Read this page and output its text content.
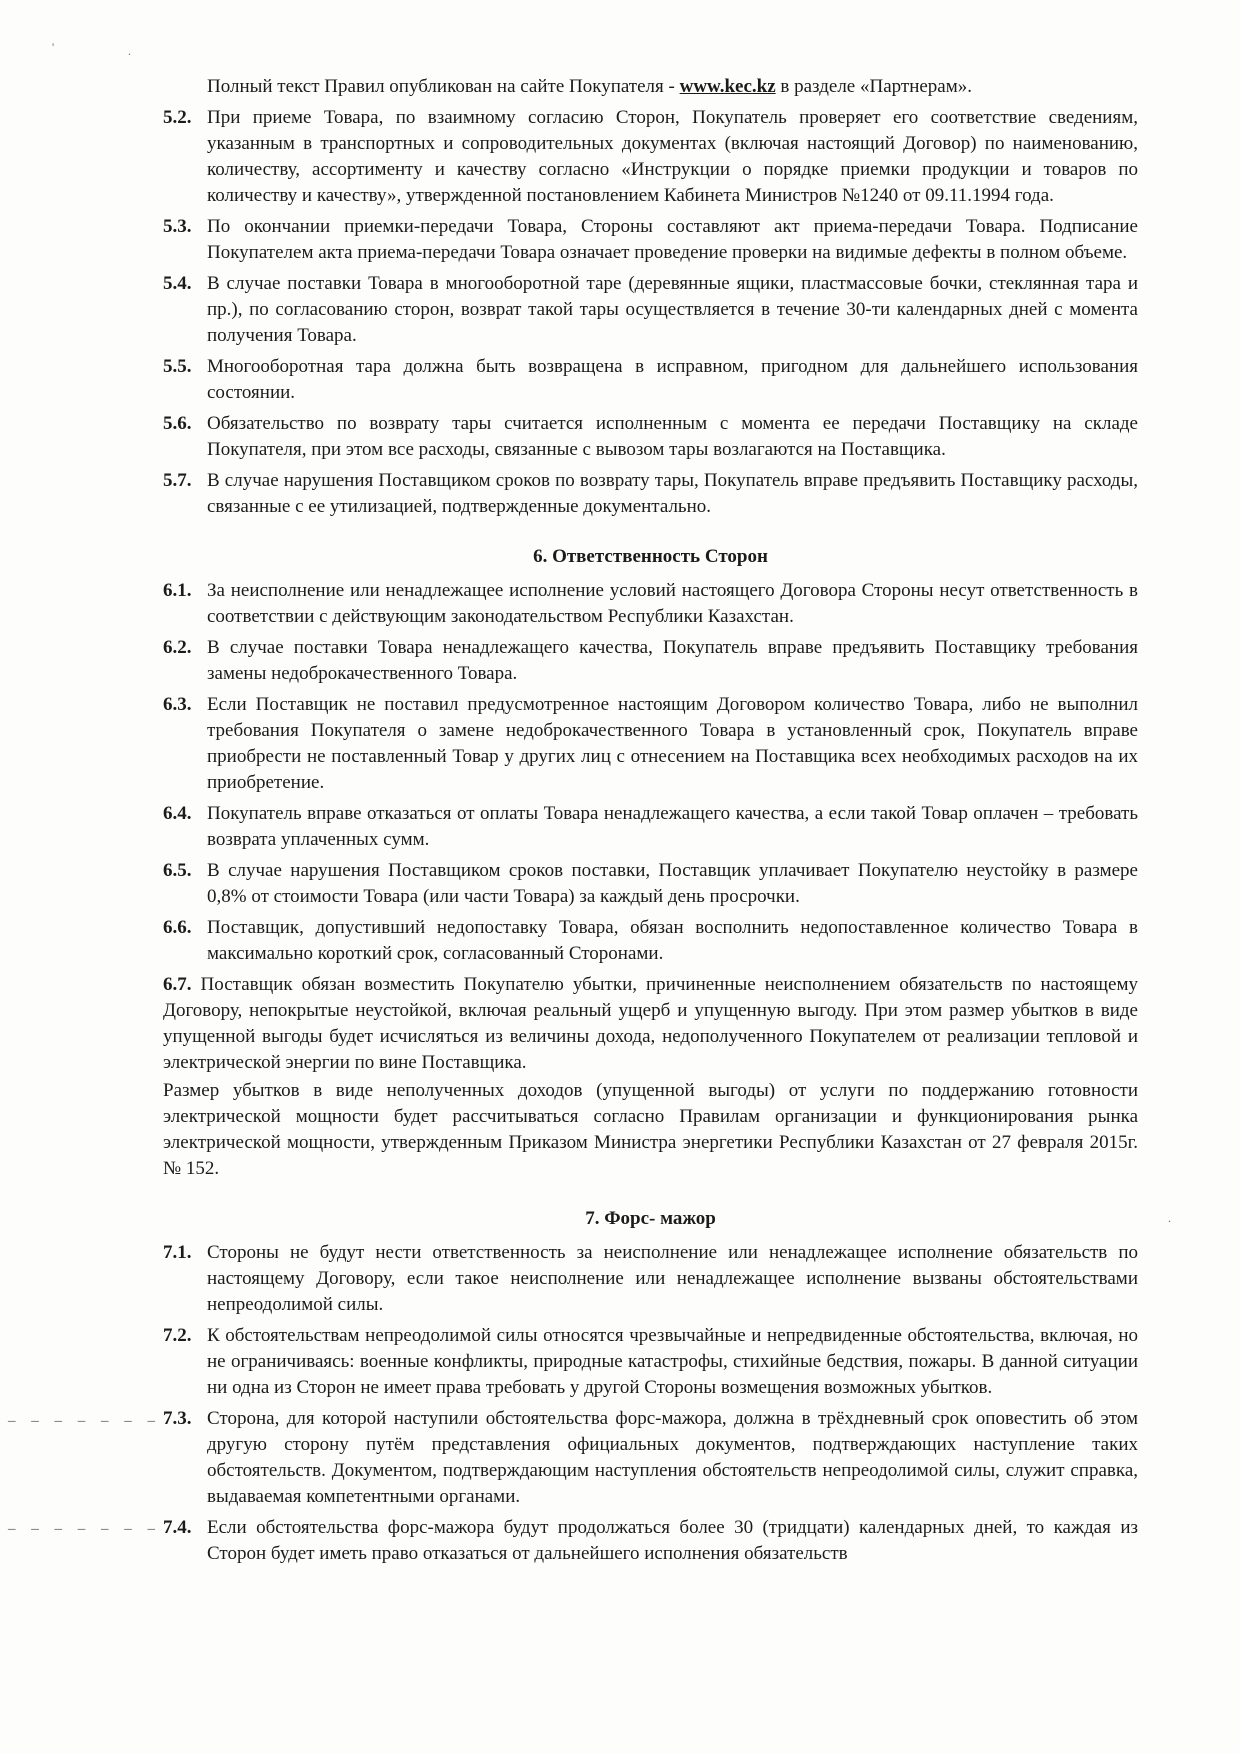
'	.

Полный текст Правил опубликован на сайте Покупателя - www.kec.kz в разделе «Партнерам».

5.2. При приеме Товара, по взаимному согласию Сторон, Покупатель проверяет его соответствие сведениям, указанным в транспортных и сопроводительных документах (включая настоящий Договор) по наименованию, количеству, ассортименту и качеству согласно «Инструкции о порядке приемки продукции и товаров по количеству и качеству», утвержденной постановлением Кабинета Министров №1240 от 09.11.1994 года.
5.3. По окончании приемки-передачи Товара, Стороны составляют акт приема-передачи Товара. Подписание Покупателем акта приема-передачи Товара означает проведение проверки на видимые дефекты в полном объеме.
5.4. В случае поставки Товара в многооборотной таре (деревянные ящики, пластмассовые бочки, стеклянная тара и пр.), по согласованию сторон, возврат такой тары осуществляется в течение 30-ти календарных дней с момента получения Товара.
5.5. Многооборотная тара должна быть возвращена в исправном, пригодном для дальнейшего использования состоянии.
5.6. Обязательство по возврату тары считается исполненным с момента ее передачи Поставщику на складе Покупателя, при этом все расходы, связанные с вывозом тары возлагаются на Поставщика.
5.7. В случае нарушения Поставщиком сроков по возврату тары, Покупатель вправе предъявить Поставщику расходы, связанные с ее утилизацией, подтвержденные документально.
6. Ответственность Сторон
6.1. За неисполнение или ненадлежащее исполнение условий настоящего Договора Стороны несут ответственность в соответствии с действующим законодательством Республики Казахстан.
6.2. В случае поставки Товара ненадлежащего качества, Покупатель вправе предъявить Поставщику требования замены недоброкачественного Товара.
6.3. Если Поставщик не поставил предусмотренное настоящим Договором количество Товара, либо не выполнил требования Покупателя о замене недоброкачественного Товара в установленный срок, Покупатель вправе приобрести не поставленный Товар у других лиц с отнесением на Поставщика всех необходимых расходов на их приобретение.
6.4. Покупатель вправе отказаться от оплаты Товара ненадлежащего качества, а если такой Товар оплачен – требовать возврата уплаченных сумм.
6.5. В случае нарушения Поставщиком сроков поставки, Поставщик уплачивает Покупателю неустойку в размере 0,8% от стоимости Товара (или части Товара) за каждый день просрочки.
6.6. Поставщик, допустивший недопоставку Товара, обязан восполнить недопоставленное количество Товара в максимально короткий срок, согласованный Сторонами.

6.7. Поставщик обязан возместить Покупателю убытки, причиненные неисполнением обязательств по настоящему Договору, непокрытые неустойкой, включая реальный ущерб и упущенную выгоду. При этом размер убытков в виде упущенной выгоды будет исчисляться из величины дохода, недополученного Покупателем от реализации тепловой и электрической энергии по вине Поставщика.

Размер убытков в виде неполученных доходов (упущенной выгоды) от услуги по поддержанию готовности электрической мощности будет рассчитываться согласно Правилам организации и функционирования рынка электрической мощности, утвержденным Приказом Министра энергетики Республики Казахстан от 27 февраля 2015г. № 152.

7. Форс- мажор
7.1. Стороны не будут нести ответственность за неисполнение или ненадлежащее исполнение обязательств по настоящему Договору, если такое неисполнение или ненадлежащее исполнение вызваны обстоятельствами непреодолимой силы.
7.2. К обстоятельствам непреодолимой силы относятся чрезвычайные и непредвиденные обстоятельства, включая, но не ограничиваясь: военные конфликты, природные катастрофы, стихийные бедствия, пожары. В данной ситуации ни одна из Сторон не имеет права требовать у другой Стороны возмещения возможных убытков.
7.3. Сторона, для которой наступили обстоятельства форс-мажора, должна в трёхдневный срок оповестить об этом другую сторону путём представления официальных документов, подтверждающих наступление таких обстоятельств. Документом, подтверждающим наступления обстоятельств непреодолимой силы, служит справка, выдаваемая компетентными органами.
7.4. Если обстоятельства форс-мажора будут продолжаться более 30 (тридцати) календарных дней, то каждая из Сторон будет иметь право отказаться от дальнейшего исполнения обязательств
‒ ‒ ‒ ‒ ‒ ‒ ‒
‒ ‒ ‒ ‒ ‒ ‒ ‒
.
